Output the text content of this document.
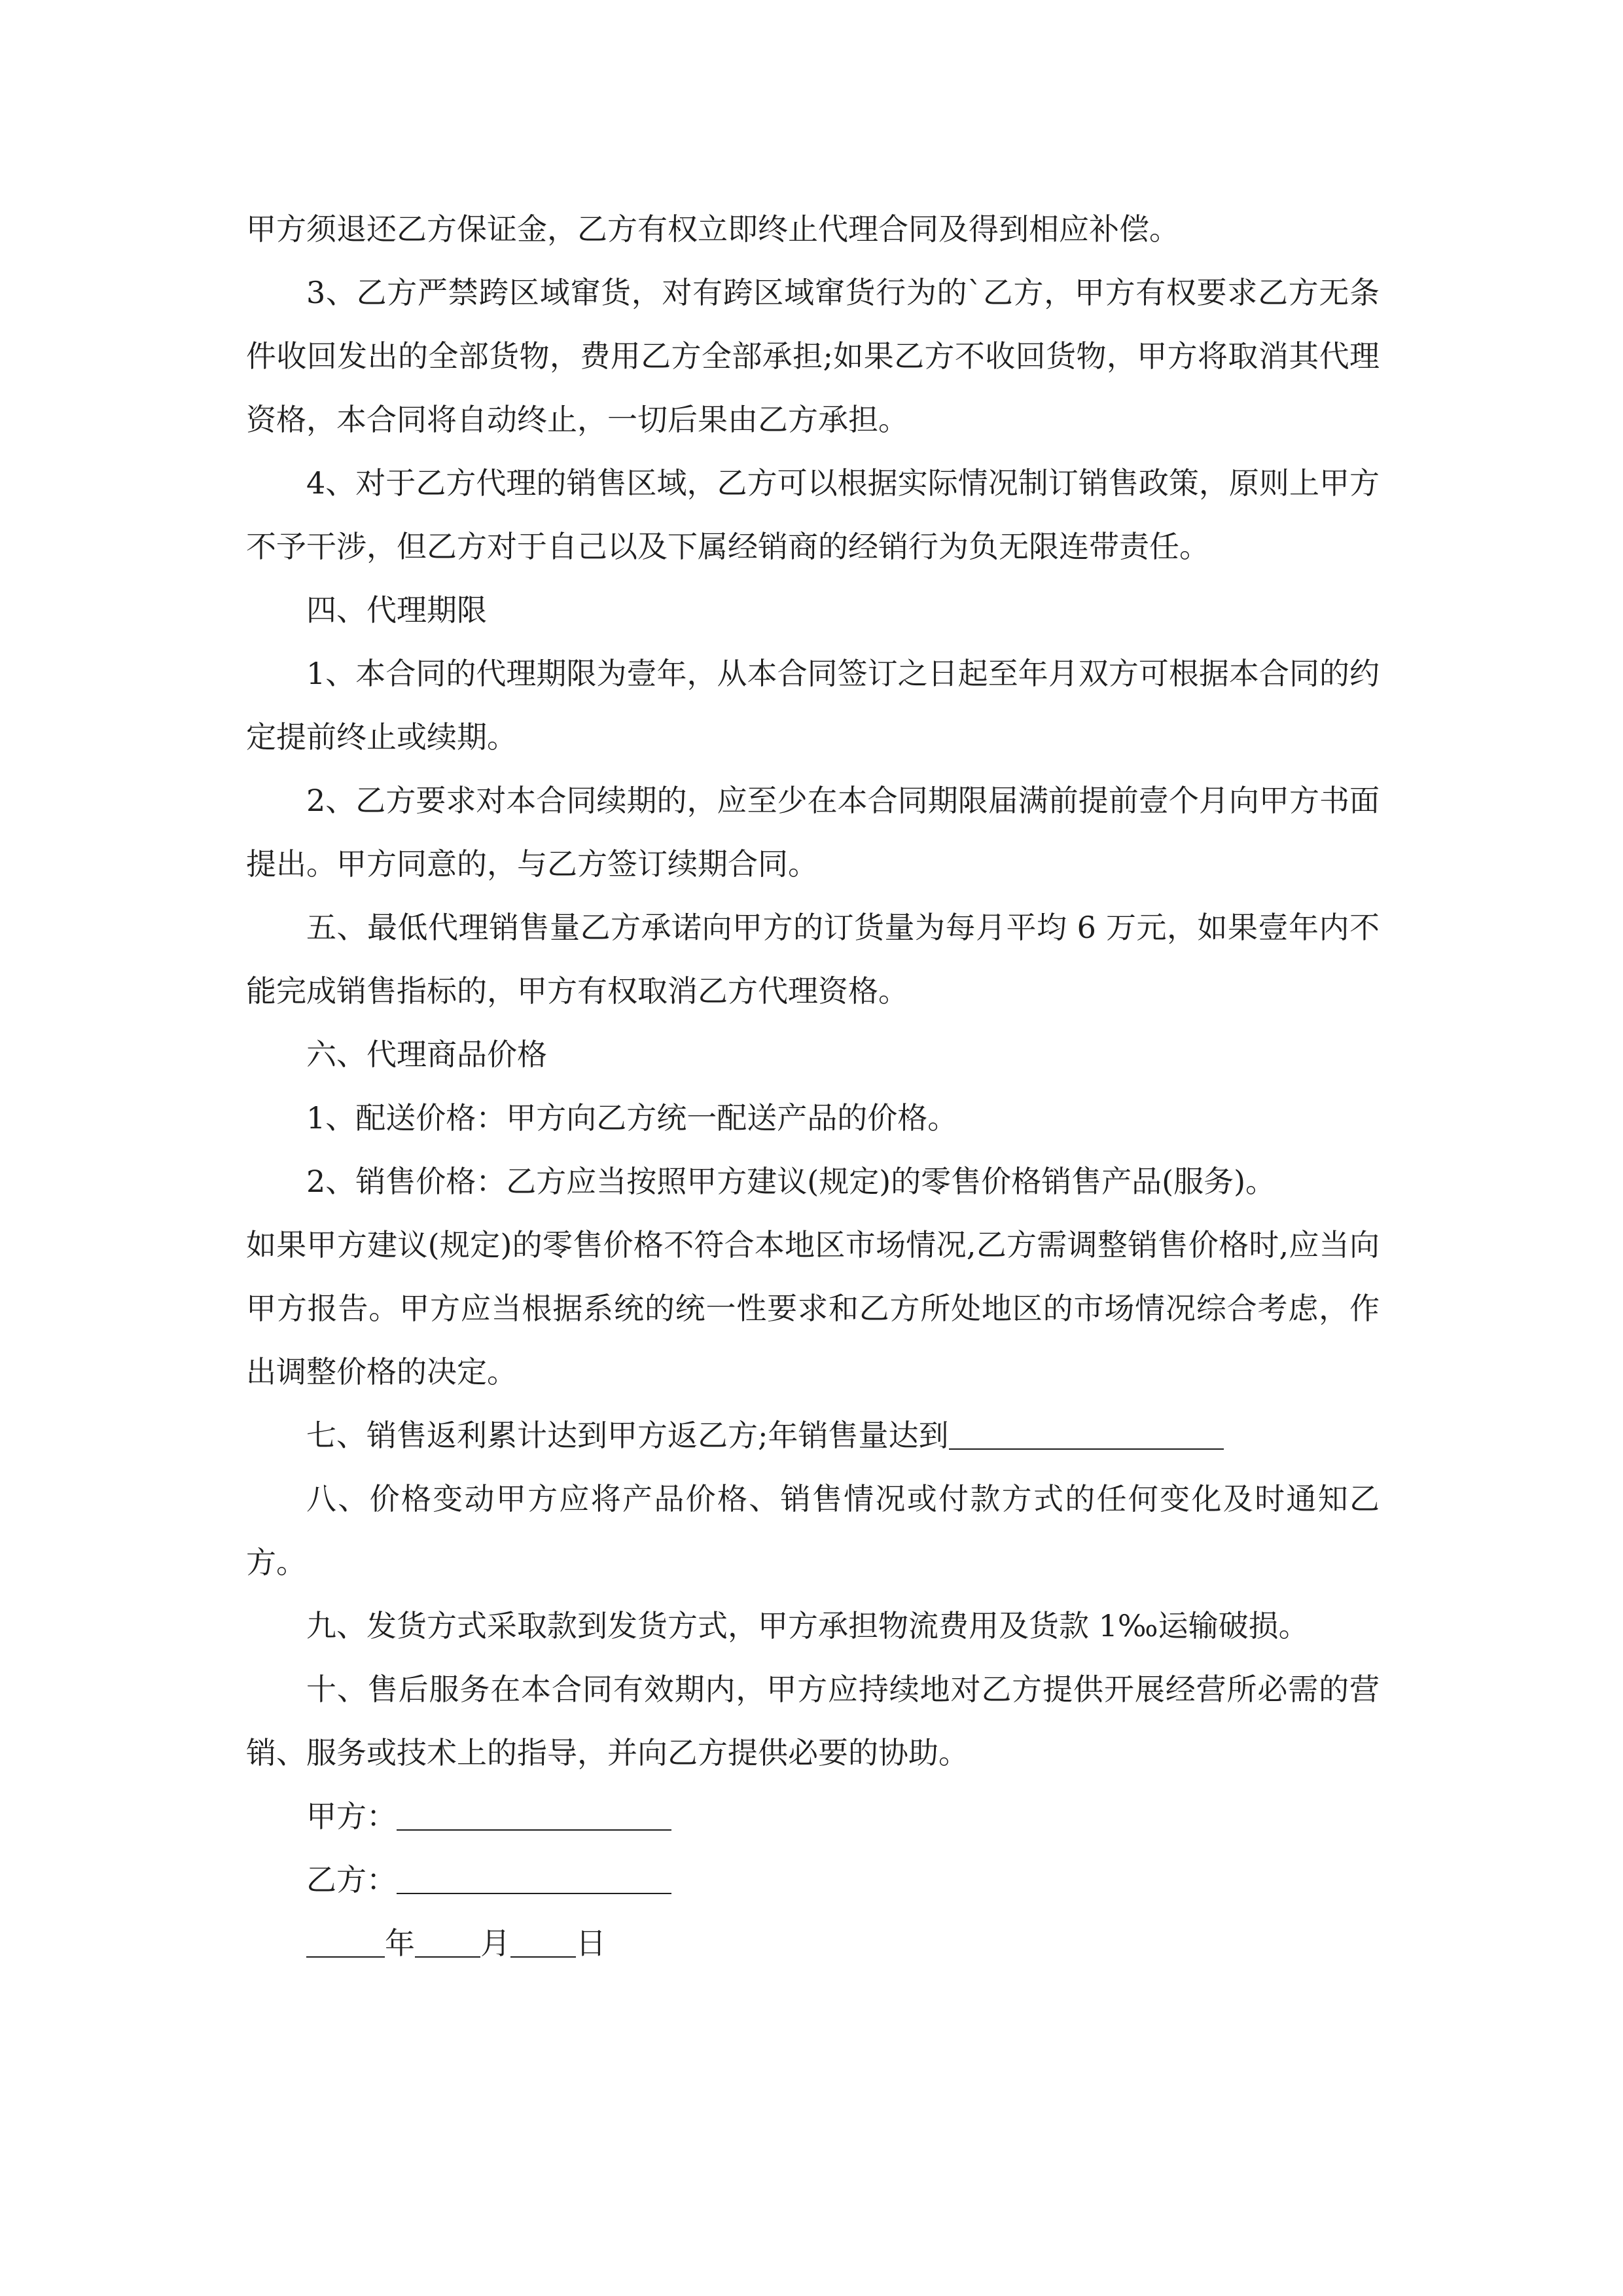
甲方须退还乙方保证金，乙方有权立即终止代理合同及得到相应补偿。

3、乙方严禁跨区域窜货，对有跨区域窜货行为的`乙方，甲方有权要求乙方无条件收回发出的全部货物，费用乙方全部承担;如果乙方不收回货物，甲方将取消其代理资格，本合同将自动终止，一切后果由乙方承担。

4、对于乙方代理的销售区域，乙方可以根据实际情况制订销售政策，原则上甲方不予干涉，但乙方对于自己以及下属经销商的经销行为负无限连带责任。

四、代理期限

1、本合同的代理期限为壹年，从本合同签订之日起至年月双方可根据本合同的约定提前终止或续期。

2、乙方要求对本合同续期的，应至少在本合同期限届满前提前壹个月向甲方书面提出。甲方同意的，与乙方签订续期合同。

五、最低代理销售量乙方承诺向甲方的订货量为每月平均 6 万元，如果壹年内不能完成销售指标的，甲方有权取消乙方代理资格。

六、代理商品价格

1、配送价格：甲方向乙方统一配送产品的价格。

2、销售价格：乙方应当按照甲方建议(规定)的零售价格销售产品(服务)。

如果甲方建议(规定)的零售价格不符合本地区市场情况,乙方需调整销售价格时,应当向甲方报告。甲方应当根据系统的统一性要求和乙方所处地区的市场情况综合考虑，作出调整价格的决定。

七、销售返利累计达到甲方返乙方;年销售量达到

八、价格变动甲方应将产品价格、销售情况或付款方式的任何变化及时通知乙方。

九、发货方式采取款到发货方式，甲方承担物流费用及货款 1‰运输破损。

十、售后服务在本合同有效期内，甲方应持续地对乙方提供开展经营所必需的营销、服务或技术上的指导，并向乙方提供必要的协助。

甲方：

乙方：

年 月 日
